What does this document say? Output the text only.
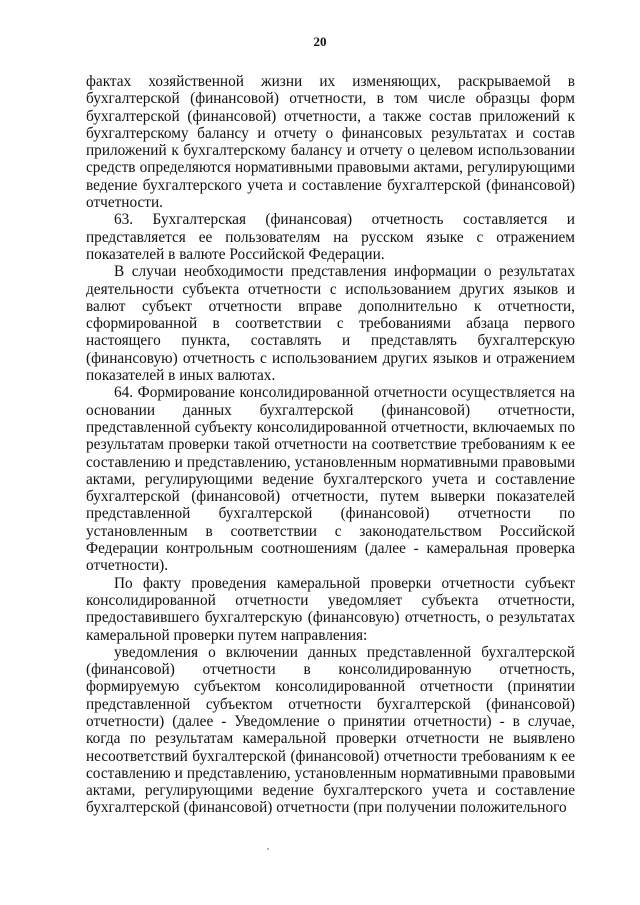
20

фактах хозяйственной жизни их изменяющих, раскрываемой в бухгалтерской (финансовой) отчетности, в том числе образцы форм бухгалтерской (финансовой) отчетности, а также состав приложений к бухгалтерскому балансу и отчету о финансовых результатах и состав приложений к бухгалтерскому балансу и отчету о целевом использовании средств определяются нормативными правовыми актами, регулирующими ведение бухгалтерского учета и составление бухгалтерской (финансовой) отчетности.

63. Бухгалтерская (финансовая) отчетность составляется и представляется ее пользователям на русском языке с отражением показателей в валюте Российской Федерации.

В случаи необходимости представления информации о результатах деятельности субъекта отчетности с использованием других языков и валют субъект отчетности вправе дополнительно к отчетности, сформированной в соответствии с требованиями абзаца первого настоящего пункта, составлять и представлять бухгалтерскую (финансовую) отчетность с использованием других языков и отражением показателей в иных валютах.

64. Формирование консолидированной отчетности осуществляется на основании данных бухгалтерской (финансовой) отчетности, представленной субъекту консолидированной отчетности, включаемых по результатам проверки такой отчетности на соответствие требованиям к ее составлению и представлению, установленным нормативными правовыми актами, регулирующими ведение бухгалтерского учета и составление бухгалтерской (финансовой) отчетности, путем выверки показателей представленной бухгалтерской (финансовой) отчетности по установленным в соответствии с законодательством Российской Федерации контрольным соотношениям (далее - камеральная проверка отчетности).

По факту проведения камеральной проверки отчетности субъект консолидированной отчетности уведомляет субъекта отчетности, предоставившего бухгалтерскую (финансовую) отчетность, о результатах камеральной проверки путем направления:

уведомления о включении данных представленной бухгалтерской (финансовой) отчетности в консолидированную отчетность, формируемую субъектом консолидированной отчетности (принятии представленной субъектом отчетности бухгалтерской (финансовой) отчетности) (далее - Уведомление о принятии отчетности) - в случае, когда по результатам камеральной проверки отчетности не выявлено несоответствий бухгалтерской (финансовой) отчетности требованиям к ее составлению и представлению, установленным нормативными правовыми актами, регулирующими ведение бухгалтерского учета и составление бухгалтерской (финансовой) отчетности (при получении положительного
